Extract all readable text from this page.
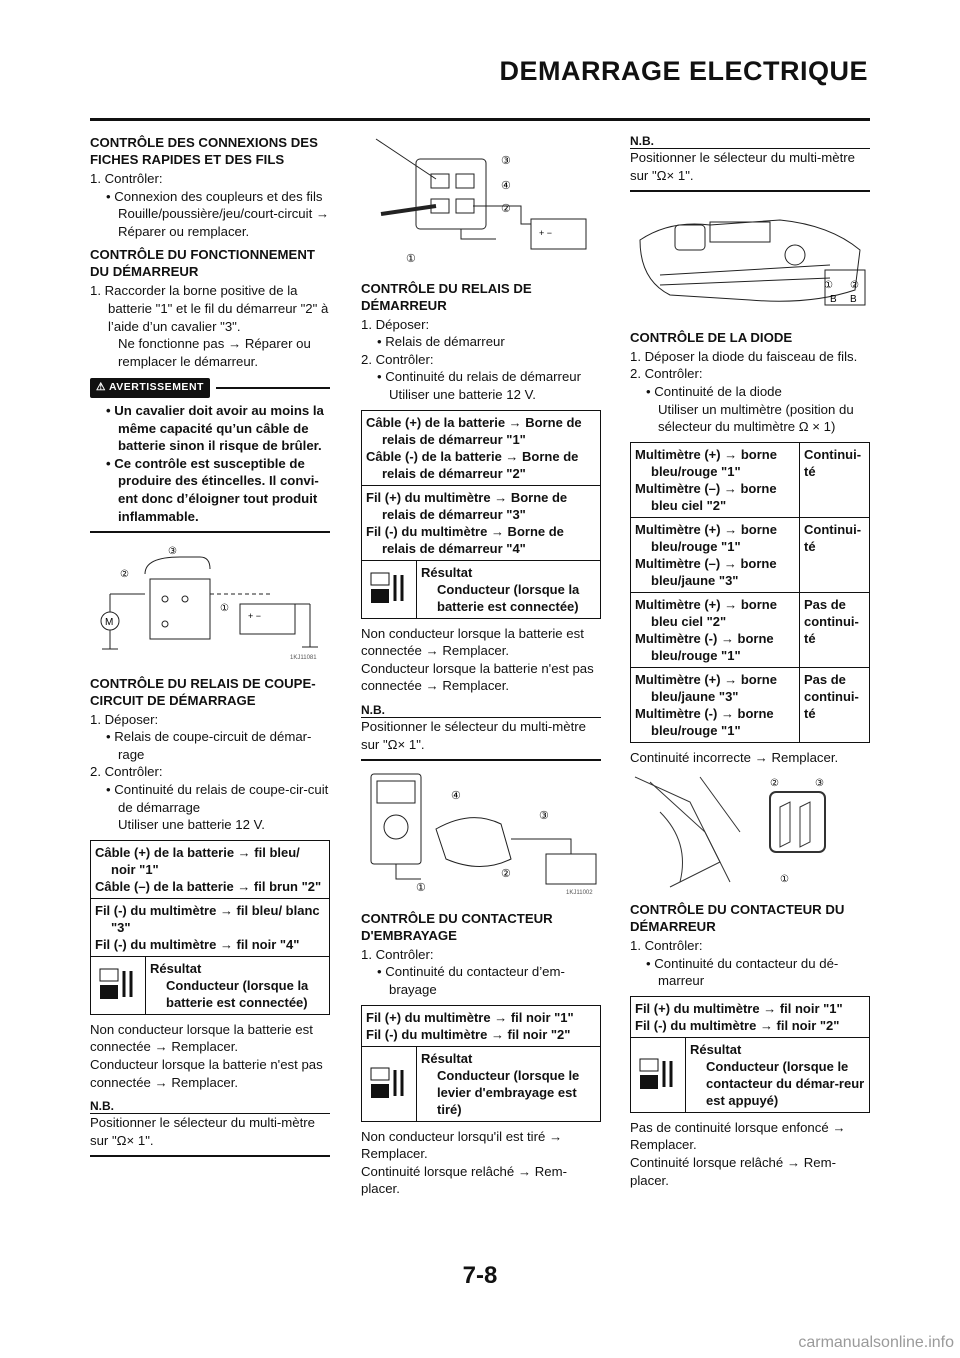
DEMARRAGE ELECTRIQUE
CONTRÔLE DES CONNEXIONS DES FICHES RAPIDES ET DES FILS

1. Contrôler:

• Connexion des coupleurs et des fils

Rouille/poussière/jeu/court-circuit → Réparer ou remplacer.

CONTRÔLE DU FONCTIONNEMENT DU DÉMARREUR

1. Raccorder la borne positive de la batterie "1" et le fil du démarreur "2" à l’aide d’un cavalier "3".

Ne fonctionne pas → Réparer ou remplacer le démarreur.

⚠ AVERTISSEMENT

• Un cavalier doit avoir au moins la même capacité qu’un câble de batterie sinon il risque de brûler.

• Ce contrôle est susceptible de produire des étincelles. Il convi-ent donc d’éloigner tout produit inflammable.

M
②
③
①
+ −
1KJ11081
CONTRÔLE DU RELAIS DE COUPE-CIRCUIT DE DÉMARRAGE

1. Déposer:

• Relais de coupe-circuit de démar-rage

2. Contrôler:

• Continuité du relais de coupe-cir-cuit de démarrage

Utiliser une batterie 12 V.

Câble (+) de la batterie → fil bleu/ noir "1"
Câble (–) de la batterie → fil brun "2"

Fil (-) du multimètre → fil bleu/ blanc "3"
Fil (-) du multimètre → fil noir "4"
Résultat
Conducteur (lorsque la batterie est connectée)

Non conducteur lorsque la batterie est connectée → Remplacer.

Conducteur lorsque la batterie n'est pas connectée → Remplacer.

N.B.

Positionner le sélecteur du multi-mètre sur "Ω× 1".

③
④
②
①
+ −
CONTRÔLE DU RELAIS DE DÉMARREUR

1. Déposer:

• Relais de démarreur

2. Contrôler:

• Continuité du relais de démarreur

Utiliser une batterie 12 V.

Câble (+) de la batterie → Borne de relais de démarreur "1"
Câble (-) de la batterie → Borne de relais de démarreur "2"

Fil (+) du multimètre → Borne de relais de démarreur "3"
Fil (-) du multimètre → Borne de relais de démarreur "4"
Résultat
Conducteur (lorsque la batterie est connectée)

Non conducteur lorsque la batterie est connectée → Remplacer.

Conducteur lorsque la batterie n'est pas connectée → Remplacer.

N.B.

Positionner le sélecteur du multi-mètre sur "Ω× 1".

④
③
②
①	1KJ11002
CONTRÔLE DU CONTACTEUR D'EMBRAYAGE

1. Contrôler:

• Continuité du contacteur d’em-brayage

Fil (+) du multimètre → fil noir "1"
Fil (-) du multimètre → fil noir "2"
Résultat
Conducteur (lorsque le levier d'embrayage est tiré)

Non conducteur lorsqu'il est tiré → Remplacer.

Continuité lorsque relâché → Rem-placer.

N.B.

Positionner le sélecteur du multi-mètre sur "Ω× 1".

① ②
B B
CONTRÔLE DE LA DIODE

1. Déposer la diode du faisceau de fils.

2. Contrôler:

• Continuité de la diode

Utiliser un multimètre (position du sélecteur du multimètre Ω × 1)

Multimètre (+) → borne bleu/rouge "1"
Multimètre (–) → borne bleu ciel "2"	Continui-té

Multimètre (+) → borne bleu/rouge "1"
Multimètre (–) → borne bleu/jaune "3"	Continui-té

Multimètre (+) → borne bleu ciel "2"
Multimètre (-) → borne bleu/rouge "1"	Pas de continui-té

Multimètre (+) → borne bleu/jaune "3"
Multimètre (-) → borne bleu/rouge "1"	Pas de continui-té

Continuité incorrecte → Remplacer.

②	③
①
CONTRÔLE DU CONTACTEUR DU DÉMARREUR

1. Contrôler:

• Continuité du contacteur du dé-marreur

Fil (+) du multimètre → fil noir "1"
Fil (-) du multimètre → fil noir "2"
Résultat
Conducteur (lorsque le contacteur du démar-reur est appuyé)

Pas de continuité lorsque enfoncé → Remplacer.

Continuité lorsque relâché → Rem-placer.

7-8
carmanualsonline.info
